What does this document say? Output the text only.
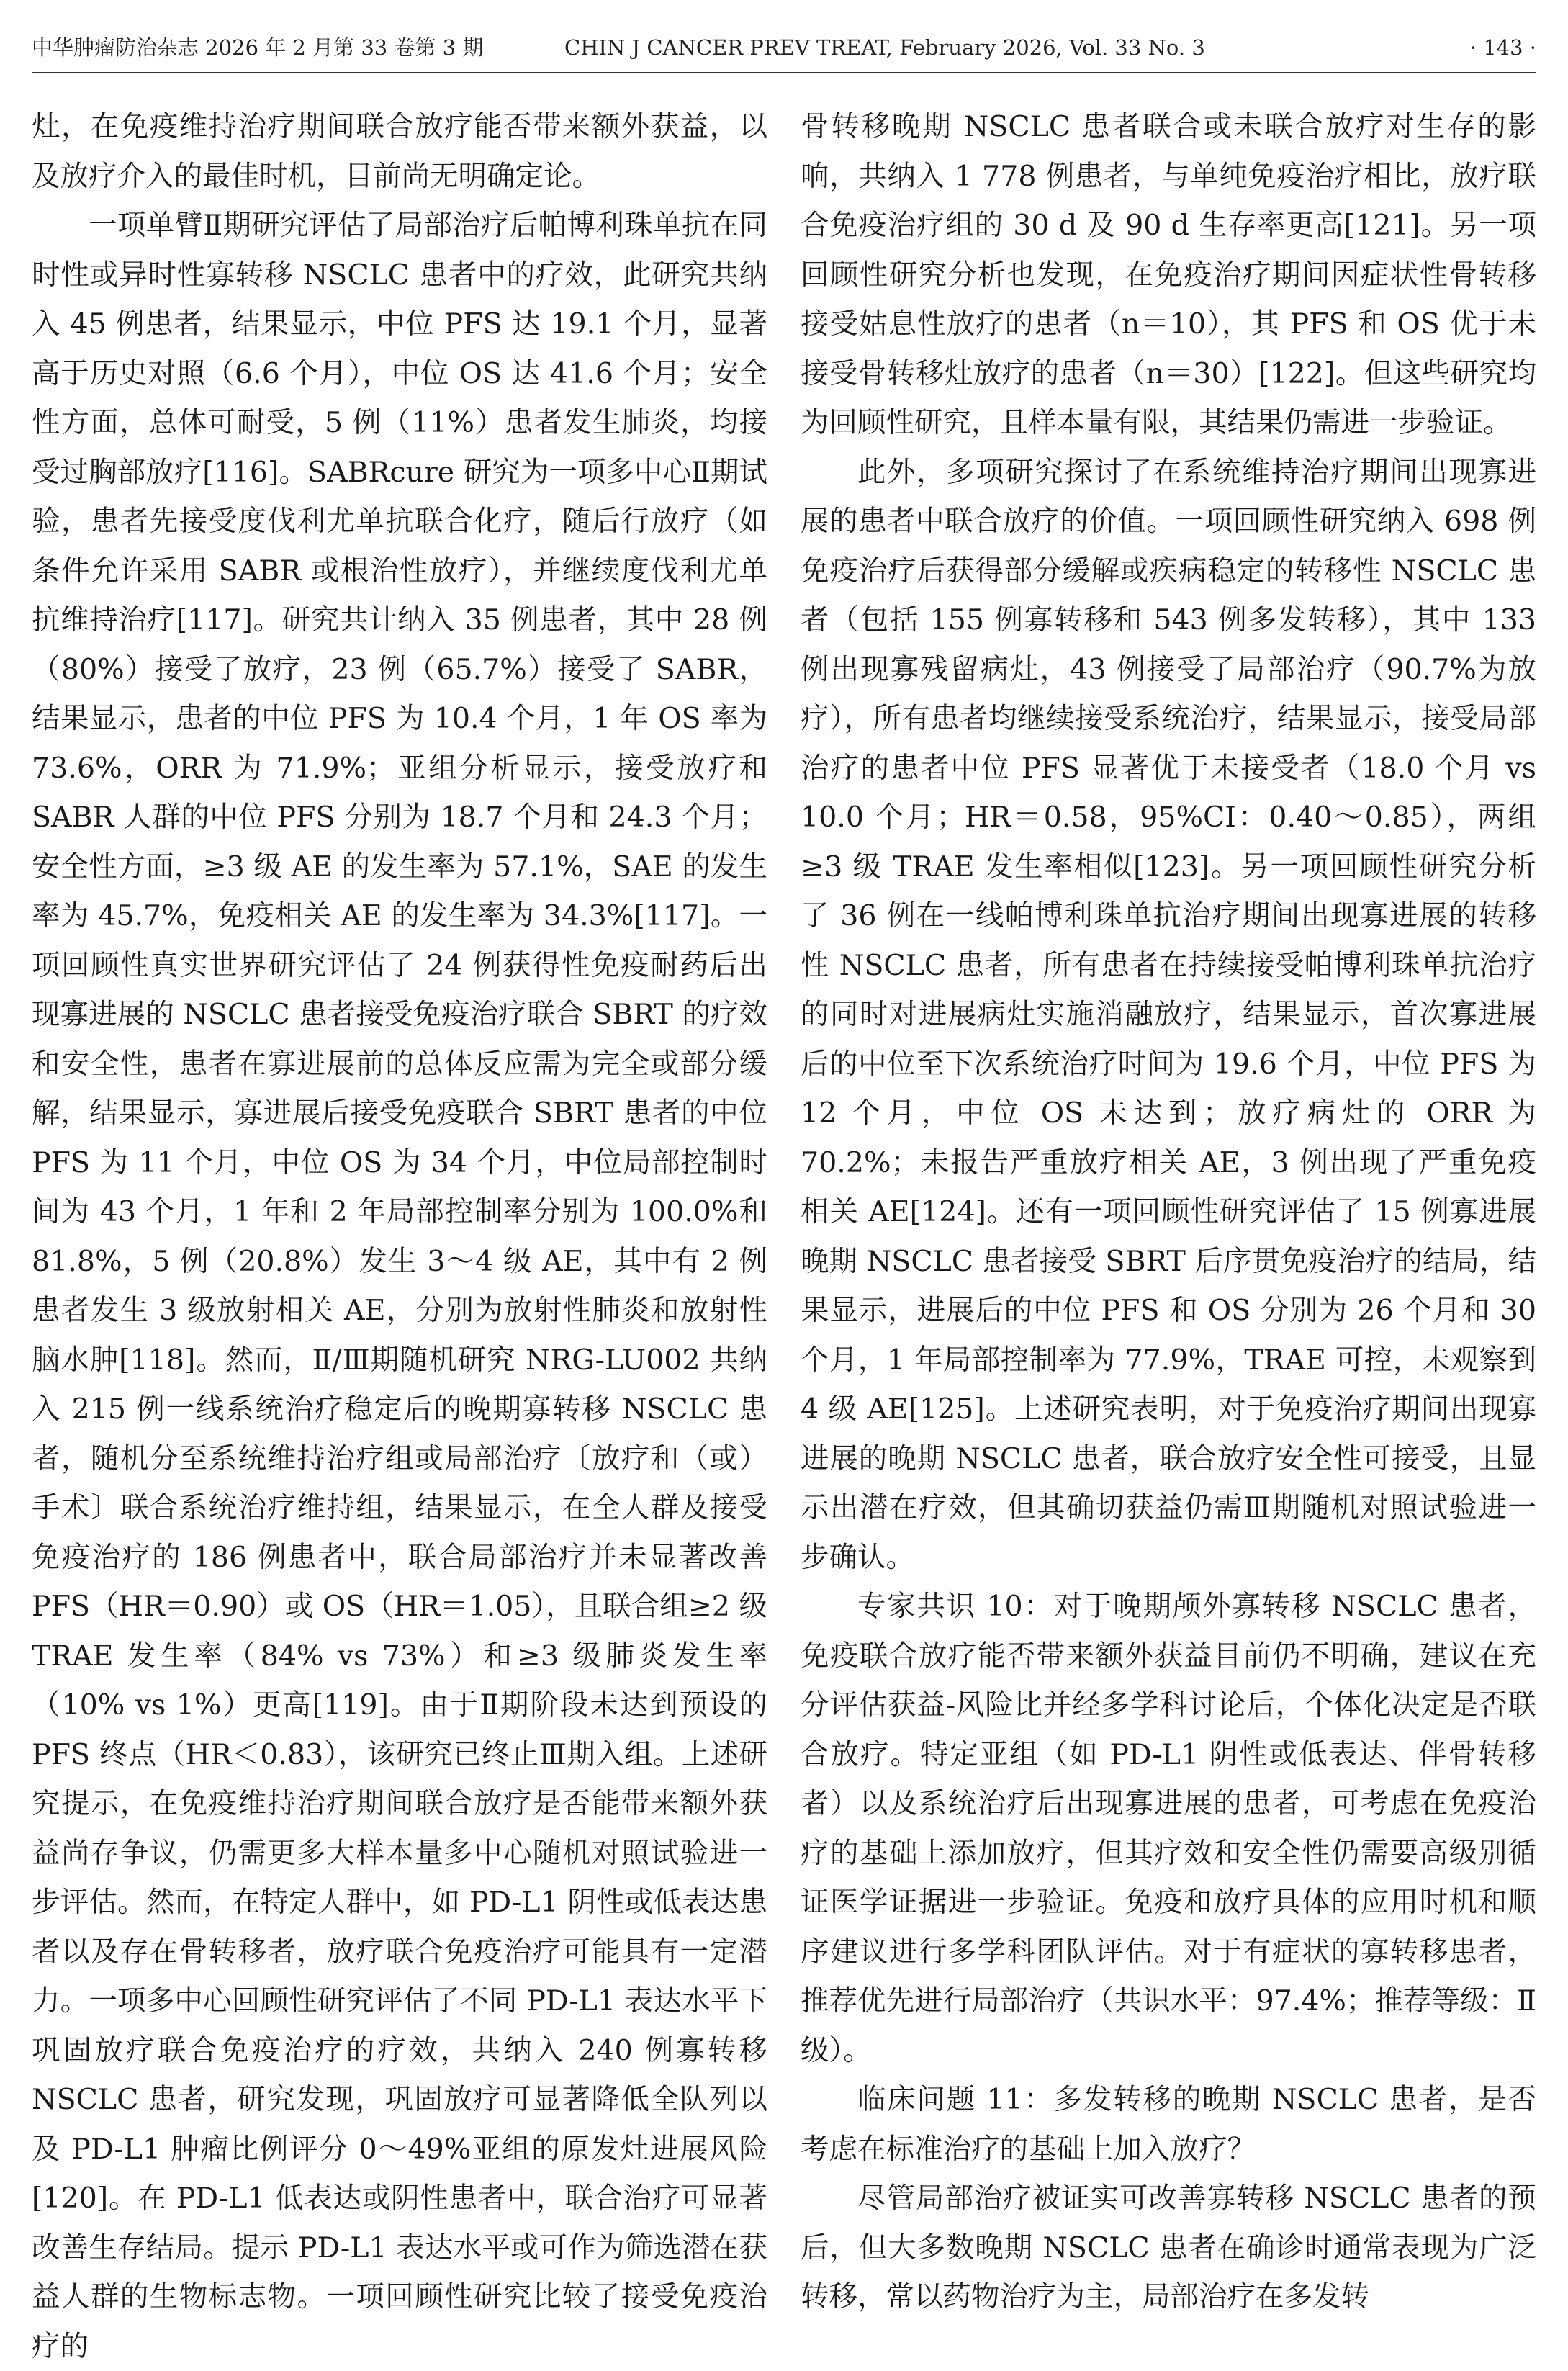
中华肿瘤防治杂志 2026 年 2 月第 33 卷第 3 期	CHIN J CANCER PREV TREAT, February 2026, Vol. 33 No. 3	· 143 ·

灶，在免疫维持治疗期间联合放疗能否带来额外获益，以及放疗介入的最佳时机，目前尚无明确定论。

一项单臂Ⅱ期研究评估了局部治疗后帕博利珠单抗在同时性或异时性寡转移 NSCLC 患者中的疗效，此研究共纳入 45 例患者，结果显示，中位 PFS 达 19.1 个月，显著高于历史对照（6.6 个月），中位 OS 达 41.6 个月；安全性方面，总体可耐受，5 例（11%）患者发生肺炎，均接受过胸部放疗[116]。SABRcure 研究为一项多中心Ⅱ期试验，患者先接受度伐利尤单抗联合化疗，随后行放疗（如条件允许采用 SABR 或根治性放疗），并继续度伐利尤单抗维持治疗[117]。研究共计纳入 35 例患者，其中 28 例（80%）接受了放疗，23 例（65.7%）接受了 SABR，结果显示，患者的中位 PFS 为 10.4 个月，1 年 OS 率为 73.6%，ORR 为 71.9%；亚组分析显示，接受放疗和 SABR 人群的中位 PFS 分别为 18.7 个月和 24.3 个月；安全性方面，≥3 级 AE 的发生率为 57.1%，SAE 的发生率为 45.7%，免疫相关 AE 的发生率为 34.3%[117]。一项回顾性真实世界研究评估了 24 例获得性免疫耐药后出现寡进展的 NSCLC 患者接受免疫治疗联合 SBRT 的疗效和安全性，患者在寡进展前的总体反应需为完全或部分缓解，结果显示，寡进展后接受免疫联合 SBRT 患者的中位 PFS 为 11 个月，中位 OS 为 34 个月，中位局部控制时间为 43 个月，1 年和 2 年局部控制率分别为 100.0%和 81.8%，5 例（20.8%）发生 3～4 级 AE，其中有 2 例患者发生 3 级放射相关 AE，分别为放射性肺炎和放射性脑水肿[118]。然而，Ⅱ/Ⅲ期随机研究 NRG-LU002 共纳入 215 例一线系统治疗稳定后的晚期寡转移 NSCLC 患者，随机分至系统维持治疗组或局部治疗〔放疗和（或）手术〕联合系统治疗维持组，结果显示，在全人群及接受免疫治疗的 186 例患者中，联合局部治疗并未显著改善 PFS（HR＝0.90）或 OS（HR＝1.05），且联合组≥2 级 TRAE 发生率（84% vs 73%）和≥3 级肺炎发生率（10% vs 1%）更高[119]。由于Ⅱ期阶段未达到预设的 PFS 终点（HR＜0.83），该研究已终止Ⅲ期入组。上述研究提示，在免疫维持治疗期间联合放疗是否能带来额外获益尚存争议，仍需更多大样本量多中心随机对照试验进一步评估。然而，在特定人群中，如 PD-L1 阴性或低表达患者以及存在骨转移者，放疗联合免疫治疗可能具有一定潜力。一项多中心回顾性研究评估了不同 PD-L1 表达水平下巩固放疗联合免疫治疗的疗效，共纳入 240 例寡转移 NSCLC 患者，研究发现，巩固放疗可显著降低全队列以及 PD-L1 肿瘤比例评分 0～49%亚组的原发灶进展风险[120]。在 PD-L1 低表达或阴性患者中，联合治疗可显著改善生存结局。提示 PD-L1 表达水平或可作为筛选潜在获益人群的生物标志物。一项回顾性研究比较了接受免疫治疗的

骨转移晚期 NSCLC 患者联合或未联合放疗对生存的影响，共纳入 1 778 例患者，与单纯免疫治疗相比，放疗联合免疫治疗组的 30 d 及 90 d 生存率更高[121]。另一项回顾性研究分析也发现，在免疫治疗期间因症状性骨转移接受姑息性放疗的患者（n＝10），其 PFS 和 OS 优于未接受骨转移灶放疗的患者（n＝30）[122]。但这些研究均为回顾性研究，且样本量有限，其结果仍需进一步验证。

此外，多项研究探讨了在系统维持治疗期间出现寡进展的患者中联合放疗的价值。一项回顾性研究纳入 698 例免疫治疗后获得部分缓解或疾病稳定的转移性 NSCLC 患者（包括 155 例寡转移和 543 例多发转移），其中 133 例出现寡残留病灶，43 例接受了局部治疗（90.7%为放疗），所有患者均继续接受系统治疗，结果显示，接受局部治疗的患者中位 PFS 显著优于未接受者（18.0 个月 vs 10.0 个月；HR＝0.58，95%CI：0.40～0.85），两组≥3 级 TRAE 发生率相似[123]。另一项回顾性研究分析了 36 例在一线帕博利珠单抗治疗期间出现寡进展的转移性 NSCLC 患者，所有患者在持续接受帕博利珠单抗治疗的同时对进展病灶实施消融放疗，结果显示，首次寡进展后的中位至下次系统治疗时间为 19.6 个月，中位 PFS 为 12 个月，中位 OS 未达到；放疗病灶的 ORR 为 70.2%；未报告严重放疗相关 AE，3 例出现了严重免疫相关 AE[124]。还有一项回顾性研究评估了 15 例寡进展晚期 NSCLC 患者接受 SBRT 后序贯免疫治疗的结局，结果显示，进展后的中位 PFS 和 OS 分别为 26 个月和 30 个月，1 年局部控制率为 77.9%，TRAE 可控，未观察到 4 级 AE[125]。上述研究表明，对于免疫治疗期间出现寡进展的晚期 NSCLC 患者，联合放疗安全性可接受，且显示出潜在疗效，但其确切获益仍需Ⅲ期随机对照试验进一步确认。

专家共识 10：对于晚期颅外寡转移 NSCLC 患者，免疫联合放疗能否带来额外获益目前仍不明确，建议在充分评估获益-风险比并经多学科讨论后，个体化决定是否联合放疗。特定亚组（如 PD-L1 阴性或低表达、伴骨转移者）以及系统治疗后出现寡进展的患者，可考虑在免疫治疗的基础上添加放疗，但其疗效和安全性仍需要高级别循证医学证据进一步验证。免疫和放疗具体的应用时机和顺序建议进行多学科团队评估。对于有症状的寡转移患者，推荐优先进行局部治疗（共识水平：97.4%；推荐等级：Ⅱ级）。

临床问题 11：多发转移的晚期 NSCLC 患者，是否考虑在标准治疗的基础上加入放疗？

尽管局部治疗被证实可改善寡转移 NSCLC 患者的预后，但大多数晚期 NSCLC 患者在确诊时通常表现为广泛转移，常以药物治疗为主，局部治疗在多发转
